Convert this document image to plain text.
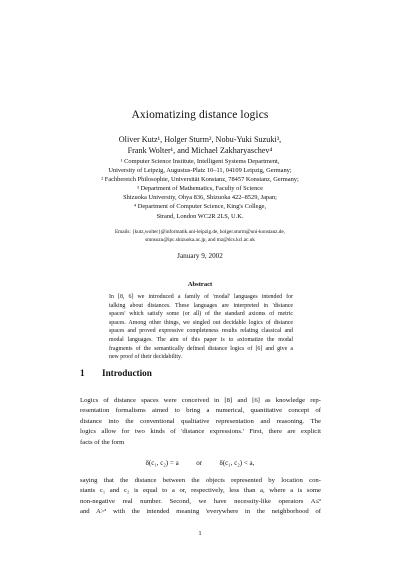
Axiomatizing distance logics
Oliver Kutz¹, Holger Sturm², Nobu-Yuki Suzuki³,
Frank Wolter¹, and Michael Zakharyaschev⁴
¹ Computer Science Institute, Intelligent Systems Department,
University of Leipzig, Augustus-Platz 10–11, 04109 Leipzig, Germany;
² Fachbereich Philosophie, Universität Konstanz, 78457 Konstanz, Germany;
³ Department of Mathematics, Faculty of Science
Shizuoka University, Ohya 836, Shizuoka 422–8529, Japan;
⁴ Department of Computer Science, King's College,
Strand, London WC2R 2LS, U.K.
Emails: {kutz,wolter}@informatik.uni-leipzig.de, holger.sturm@uni-konstanz.de,
smnsuzu@ipc.shizuoka.ac.jp, and mz@dcs.kcl.ac.uk
January 9, 2002
Abstract
In [8, 6] we introduced a family of 'modal' languages intended for
talking about distances. These languages are interpreted in 'distance
spaces' which satisfy some (or all) of the standard axioms of metric
spaces. Among other things, we singled out decidable logics of distance
spaces and proved expressive completeness results relating classical and
modal languages. The aim of this paper is to axiomatize the modal
fragments of the semantically defined distance logics of [6] and give a
new proof of their decidability.
1 Introduction
Logics of distance spaces were conceived in [8] and [6] as knowledge rep-
resentation formalisms aimed to bring a numerical, quantitative concept of
distance into the conventional qualitative representation and reasoning. The
logics allow for two kinds of 'distance expressions.' First, there are explicit
facts of the form
δ(c₁, c₂) = a	or	δ(c₁, c₂) < a,
saying that the distance between the objects represented by location con-
stants c₁ and c₂ is equal to a or, respectively, less than a, where a is some
non-negative real number. Second, we have necessity-like operators A≤ᵃ
and A>ᵃ with the intended meaning 'everywhere in the neighborhood of
1
